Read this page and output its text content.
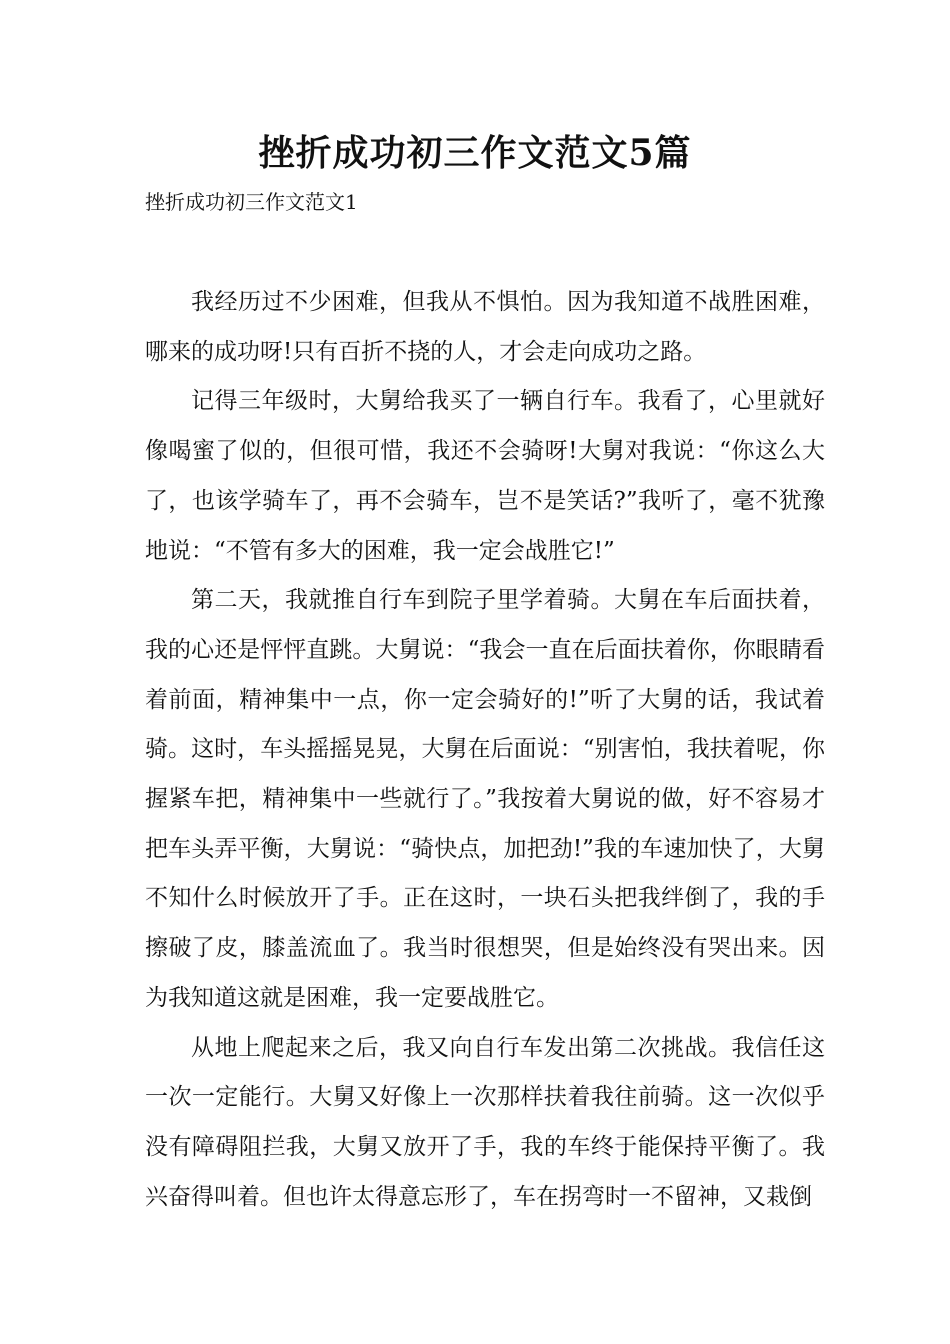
挫折成功初三作文范文5篇

挫折成功初三作文范文1

我经历过不少困难，但我从不惧怕。因为我知道不战胜困难，哪来的成功呀!只有百折不挠的人，才会走向成功之路。

记得三年级时，大舅给我买了一辆自行车。我看了，心里就好像喝蜜了似的，但很可惜，我还不会骑呀!大舅对我说：“你这么大了，也该学骑车了，再不会骑车，岂不是笑话?”我听了，毫不犹豫地说：“不管有多大的困难，我一定会战胜它!”

第二天，我就推自行车到院子里学着骑。大舅在车后面扶着，我的心还是怦怦直跳。大舅说：“我会一直在后面扶着你，你眼睛看着前面，精神集中一点，你一定会骑好的!”听了大舅的话，我试着骑。这时，车头摇摇晃晃，大舅在后面说：“别害怕，我扶着呢，你握紧车把，精神集中一些就行了。”我按着大舅说的做，好不容易才把车头弄平衡，大舅说：“骑快点，加把劲!”我的车速加快了，大舅不知什么时候放开了手。正在这时，一块石头把我绊倒了，我的手擦破了皮，膝盖流血了。我当时很想哭，但是始终没有哭出来。因为我知道这就是困难，我一定要战胜它。

从地上爬起来之后，我又向自行车发出第二次挑战。我信任这一次一定能行。大舅又好像上一次那样扶着我往前骑。这一次似乎没有障碍阻拦我，大舅又放开了手，我的车终于能保持平衡了。我兴奋得叫着。但也许太得意忘形了，车在拐弯时一不留神，又栽倒
